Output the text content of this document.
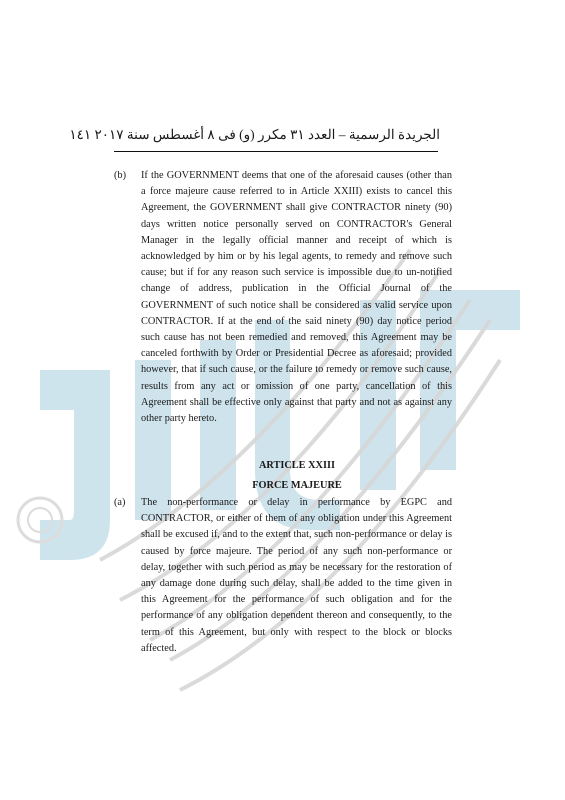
الجريدة الرسمية – العدد ٣١ مكرر (و) فى ٨ أغسطس سنة ٢٠١٧ ١٤١
(b) If the GOVERNMENT deems that one of the aforesaid causes (other than a force majeure cause referred to in Article XXIII) exists to cancel this Agreement, the GOVERNMENT shall give CONTRACTOR ninety (90) days written notice personally served on CONTRACTOR's General Manager in the legally official manner and receipt of which is acknowledged by him or by his legal agents, to remedy and remove such cause; but if for any reason such service is impossible due to un-notified change of address, publication in the Official Journal of the GOVERNMENT of such notice shall be considered as valid service upon CONTRACTOR. If at the end of the said ninety (90) day notice period such cause has not been remedied and removed, this Agreement may be canceled forthwith by Order or Presidential Decree as aforesaid; provided however, that if such cause, or the failure to remedy or remove such cause, results from any act or omission of one party, cancellation of this Agreement shall be effective only against that party and not as against any other party hereto.
ARTICLE XXIII
FORCE MAJEURE
(a) The non-performance or delay in performance by EGPC and CONTRACTOR, or either of them of any obligation under this Agreement shall be excused if, and to the extent that, such non-performance or delay is caused by force majeure. The period of any such non-performance or delay, together with such period as may be necessary for the restoration of any damage done during such delay, shall be added to the time given in this Agreement for the performance of such obligation and for the performance of any obligation dependent thereon and consequently, to the term of this Agreement, but only with respect to the block or blocks affected.
